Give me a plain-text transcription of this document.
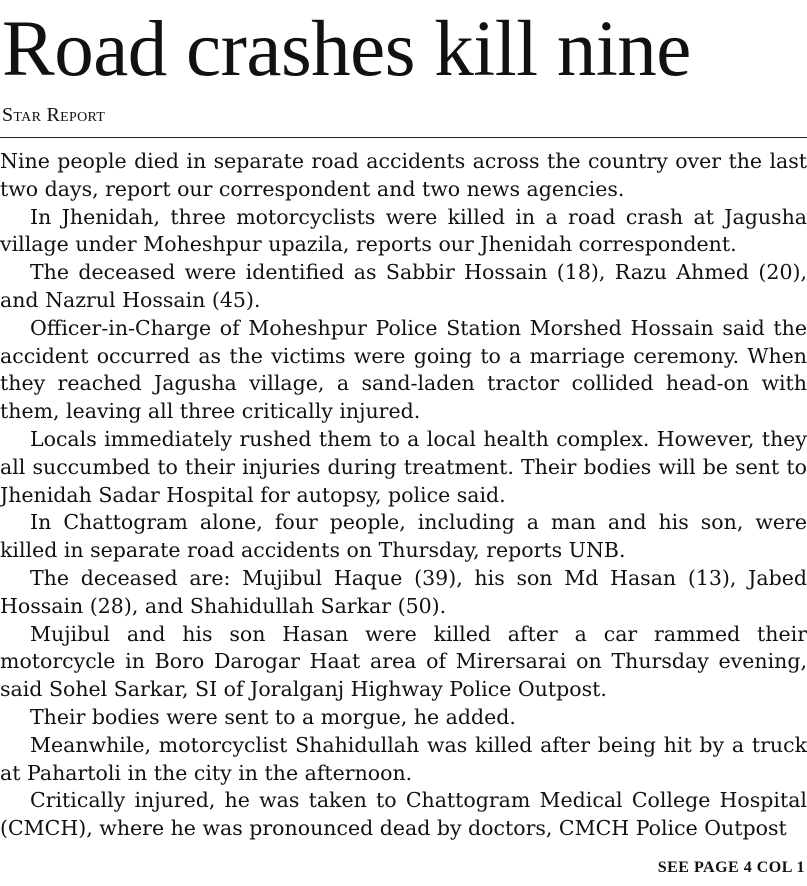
Road crashes kill nine
Star Report

Nine people died in separate road accidents across the country over the last two days, report our correspondent and two news agencies.

In Jhenidah, three motorcyclists were killed in a road crash at Jagusha village under Moheshpur upazila, reports our Jhenidah correspondent.

The deceased were identified as Sabbir Hossain (18), Razu Ahmed (20), and Nazrul Hossain (45).

Officer-in-Charge of Moheshpur Police Station Morshed Hossain said the accident occurred as the victims were going to a marriage ceremony. When they reached Jagusha village, a sand-laden tractor collided head-on with them, leaving all three critically injured.

Locals immediately rushed them to a local health complex. However, they all succumbed to their injuries during treatment. Their bodies will be sent to Jhenidah Sadar Hospital for autopsy, police said.

In Chattogram alone, four people, including a man and his son, were killed in separate road accidents on Thursday, reports UNB.

The deceased are: Mujibul Haque (39), his son Md Hasan (13), Jabed Hossain (28), and Shahidullah Sarkar (50).

Mujibul and his son Hasan were killed after a car rammed their motorcycle in Boro Darogar Haat area of Mirersarai on Thursday evening, said Sohel Sarkar, SI of Joralganj Highway Police Outpost.

Their bodies were sent to a morgue, he added.

Meanwhile, motorcyclist Shahidullah was killed after being hit by a truck at Pahartoli in the city in the afternoon.

Critically injured, he was taken to Chattogram Medical College Hospital (CMCH), where he was pronounced dead by doctors, CMCH Police Outpost

SEE PAGE 4 COL 1
